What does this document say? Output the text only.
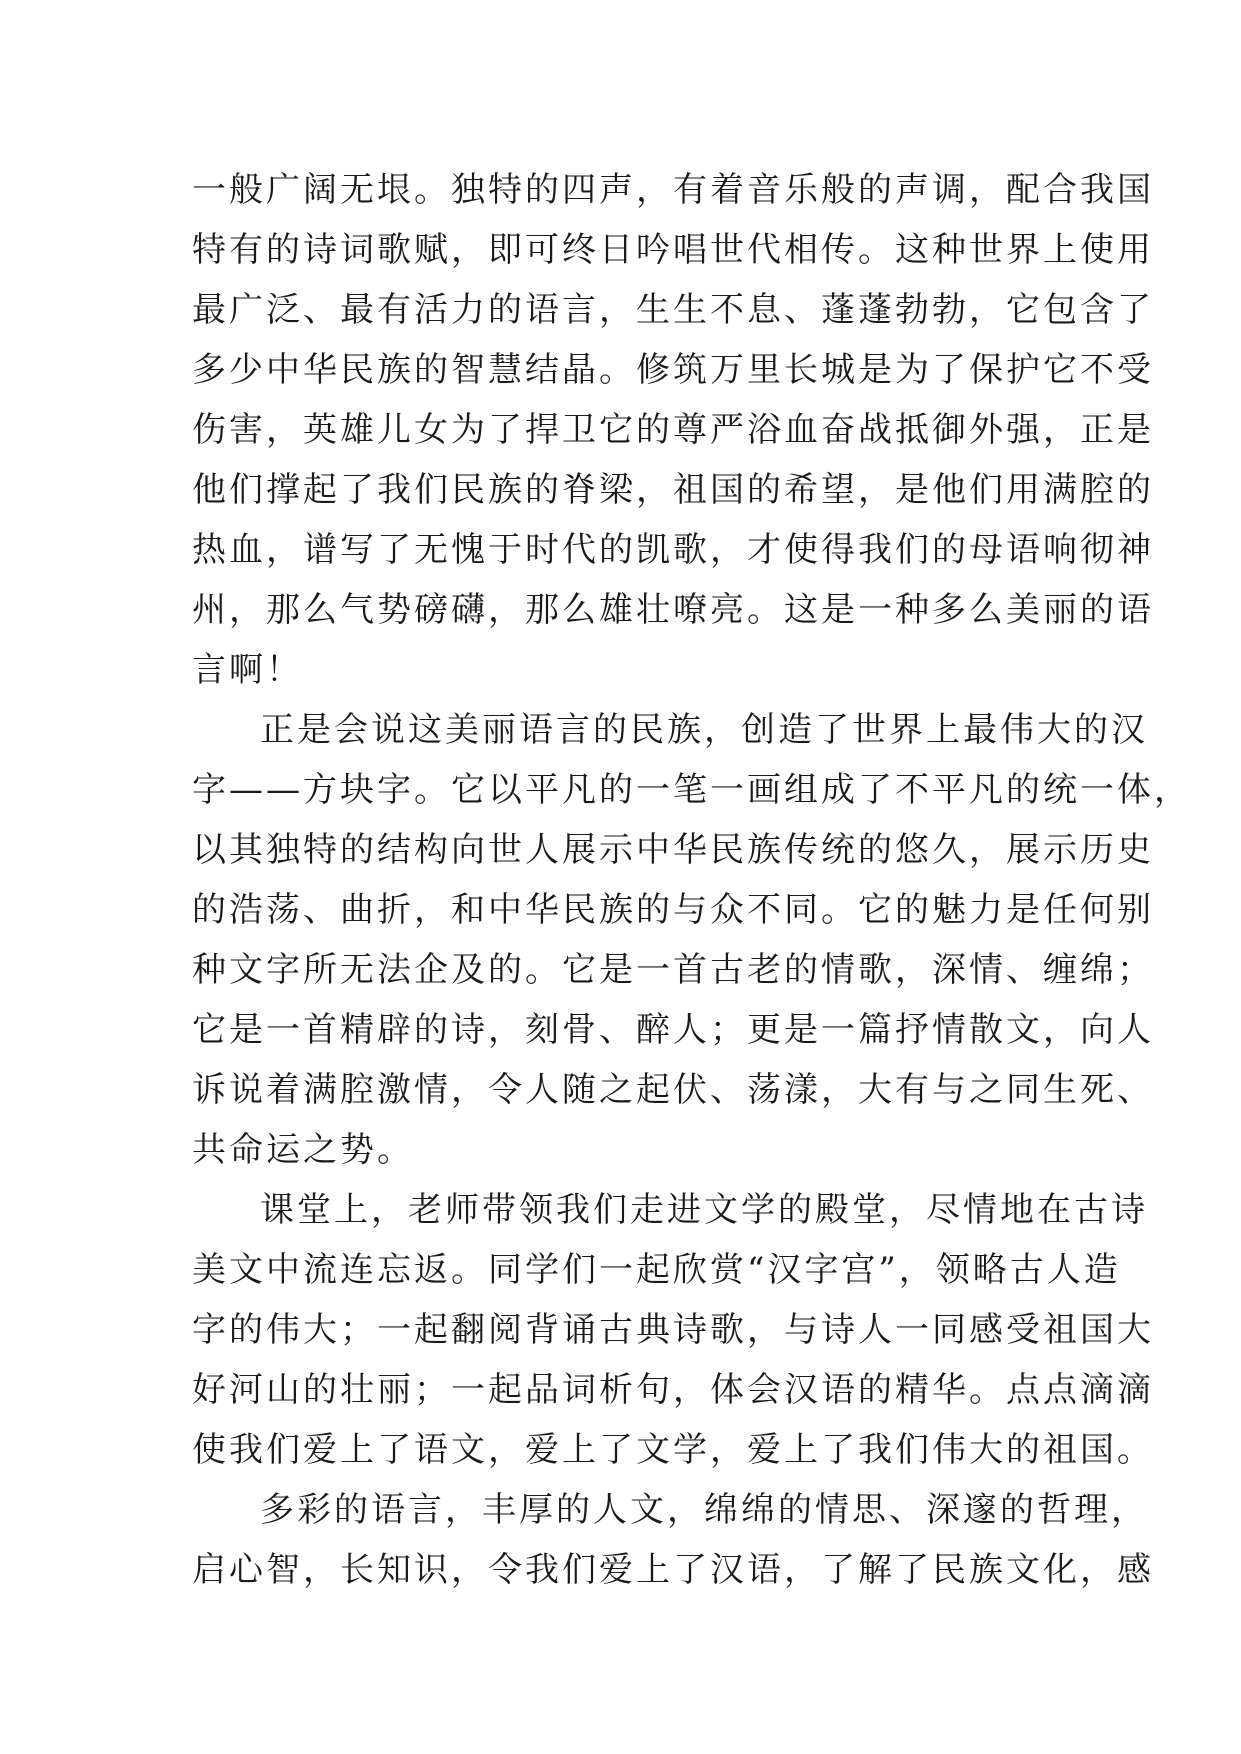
一般广阔无垠。独特的四声，有着音乐般的声调，配合我国
特有的诗词歌赋，即可终日吟唱世代相传。这种世界上使用
最广泛、最有活力的语言，生生不息、蓬蓬勃勃，它包含了
多少中华民族的智慧结晶。修筑万里长城是为了保护它不受
伤害，英雄儿女为了捍卫它的尊严浴血奋战抵御外强，正是
他们撑起了我们民族的脊梁，祖国的希望，是他们用满腔的
热血，谱写了无愧于时代的凯歌，才使得我们的母语响彻神
州，那么气势磅礴，那么雄壮嘹亮。这是一种多么美丽的语
言啊！
正是会说这美丽语言的民族，创造了世界上最伟大的汉
字——方块字。它以平凡的一笔一画组成了不平凡的统一体，
以其独特的结构向世人展示中华民族传统的悠久，展示历史
的浩荡、曲折，和中华民族的与众不同。它的魅力是任何别
种文字所无法企及的。它是一首古老的情歌，深情、缠绵；
它是一首精辟的诗，刻骨、醉人；更是一篇抒情散文，向人
诉说着满腔激情，令人随之起伏、荡漾，大有与之同生死、
共命运之势。
课堂上，老师带领我们走进文学的殿堂，尽情地在古诗
美文中流连忘返。同学们一起欣赏“汉字宫”，领略古人造
字的伟大；一起翻阅背诵古典诗歌，与诗人一同感受祖国大
好河山的壮丽；一起品词析句，体会汉语的精华。点点滴滴
使我们爱上了语文，爱上了文学，爱上了我们伟大的祖国。
多彩的语言，丰厚的人文，绵绵的情思、深邃的哲理，
启心智，长知识，令我们爱上了汉语，了解了民族文化，感
